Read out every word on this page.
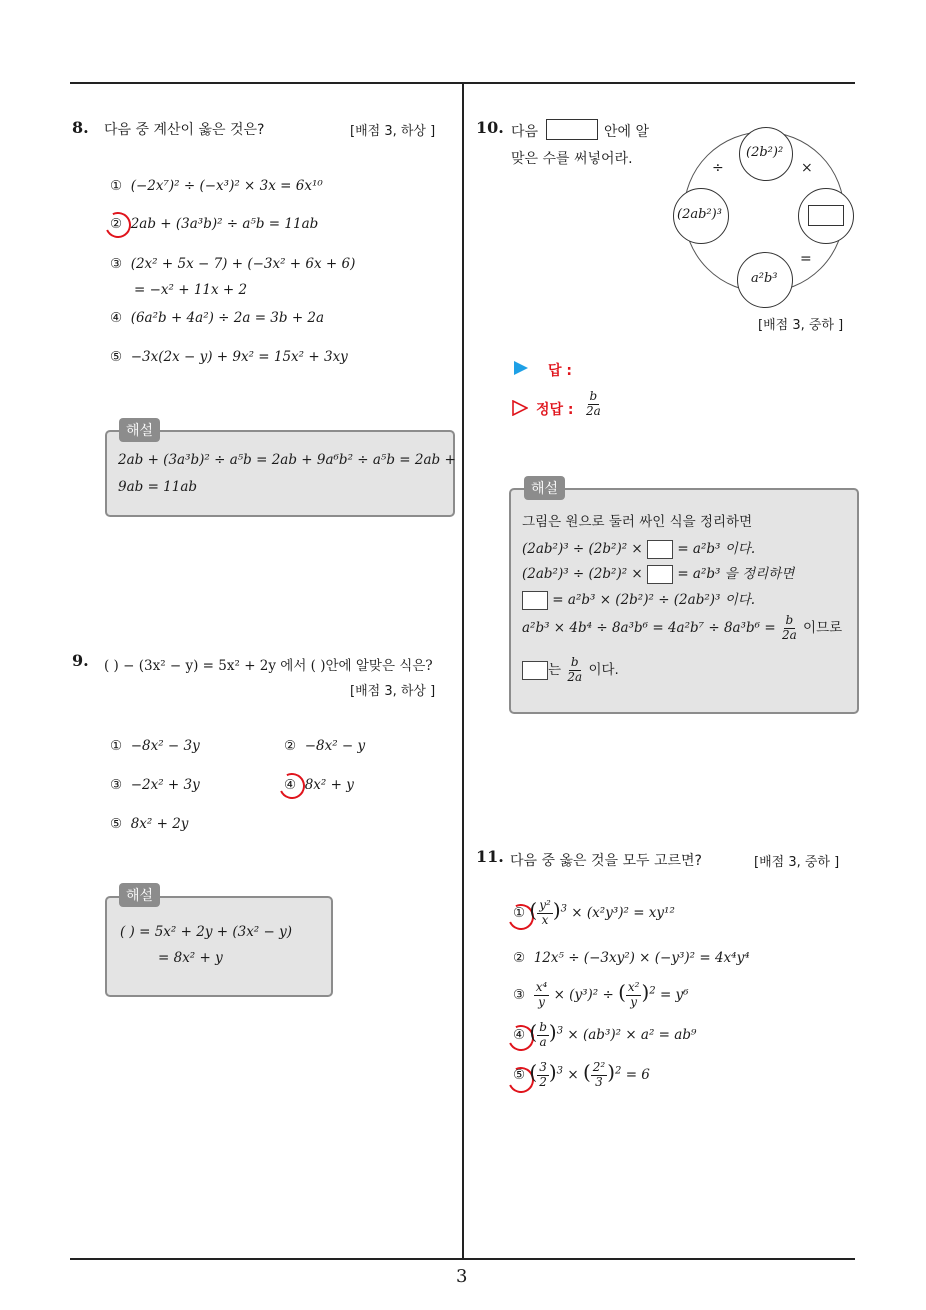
3
8. 다음 중 계산이 옳은 것은?	[배점 3, 하상 ]
① (−2x⁷)² ÷ (−x³)² × 3x = 6x¹⁰
② 2ab + (3a³b)² ÷ a⁵b = 11ab
③ (2x² + 5x − 7) + (−3x² + 6x + 6)
= −x² + 11x + 2
④ (6a²b + 4a²) ÷ 2a = 3b + 2a
⑤ −3x(2x − y) + 9x² = 15x² + 3xy
해설
2ab + (3a³b)² ÷ a⁵b = 2ab + 9a⁶b² ÷ a⁵b = 2ab +
9ab = 11ab
9. ( ) − (3x² − y) = 5x² + 2y 에서 ( )안에 알맞은 식은?
[배점 3, 하상 ]
① −8x² − 3y	② −8x² − y
③ −2x² + 3y	④ 8x² + y
⑤ 8x² + 2y
해설
( ) = 5x² + 2y + (3x² − y)
= 8x² + y
10. 다음	안에 알
맞은 수를 써넣어라.	(2b²)²
(2ab²)³
a²b³
÷	×
=
[배점 3, 중하 ]
답 :
정답 : $\frac{b}{2a}$
해설
그림은 원으로 둘러 싸인 식을 정리하면
(2ab²)³ ÷ (2b²)² ×	= a²b³ 이다.
(2ab²)³ ÷ (2b²)² ×	= a²b³ 을 정리하면
= a²b³ × (2b²)² ÷ (2ab²)³ 이다.
$a^2b^3 \times 4b^4 \div 8a^3b^6 = 4a^2b^7 \div 8a^3b^6 = \frac{b}{2a}$ 이므로
는 $\frac{b}{2a}$ 이다.
11. 다음 중 옳은 것을 모두 고르면?	[배점 3, 중하 ]
① ( $\frac{\text{y²}}{x} )^3 \times (x^2y^3)^2 = xy^{12}$
② 12x⁵ ÷ (−3xy²) × (−y³)² = 4x⁴y⁴
③ $\frac{\text{x⁴}}{y} \times (y^3)^2$ ÷ ( $\frac{\text{x²}}{y} )^2 = y^6$
④ ( $\frac{b}{a} )^3 \times (ab^3)^2 \times a^2 = ab^9$
⑤ ( $\frac{3}{2} )^3$ × ( $\frac{\text{2²}}{3} )^2 = 6$
